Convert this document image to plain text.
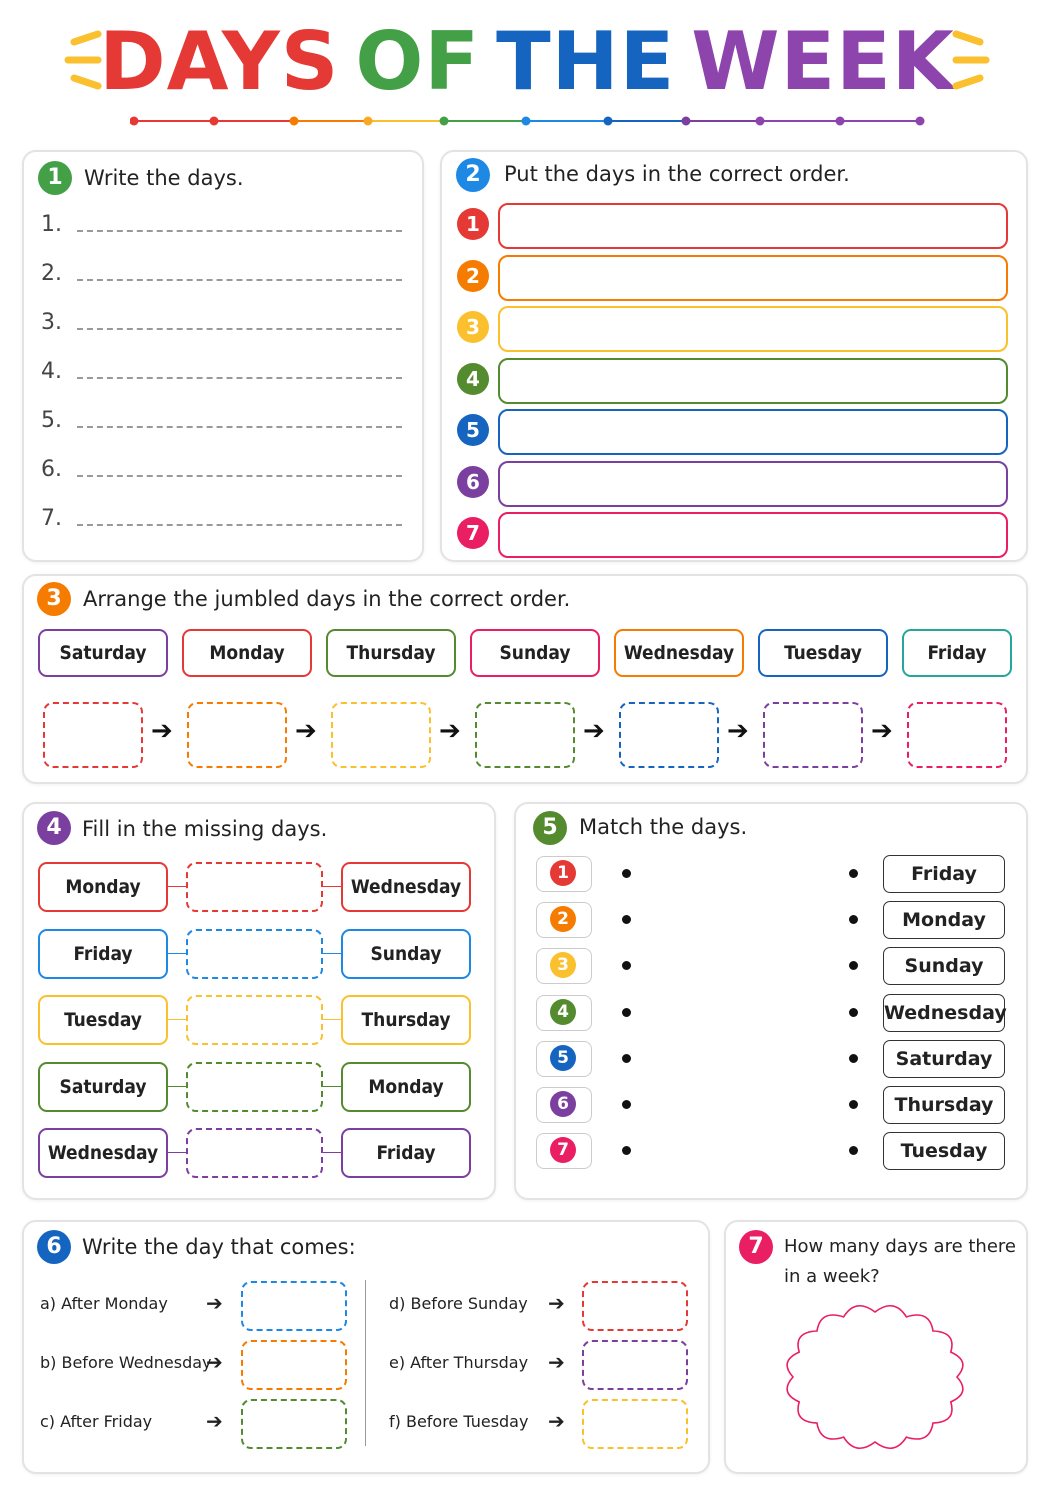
DAYS OF THE WEEK
1	Write the days.
1.
2.
3.
4.
5.
6.
7.
2	Put the days in the correct order.
1
2
3
4
5
6
7
3	Arrange the jumbled days in the correct order.
Saturday	Monday	Thursday	Sunday	Wednesday	Tuesday	Friday
➔	➔	➔	➔	➔	➔
4 Fill in the missing days.
Monday	Wednesday
Friday	Sunday
Tuesday	Thursday
Saturday	Monday
Wednesday	Friday
5	Match the days.
1	Friday
2	Monday
3	Sunday
4	Wednesday
5	Saturday
6	Thursday
7	Tuesday
6 Write the day that comes:
a) After Monday ➔
b) Before Wednesday
➔
c) After Friday	➔
d) Before Sunday ➔
e) After Thursday ➔
f) Before Tuesday ➔
7	How many days are there
in a week?
